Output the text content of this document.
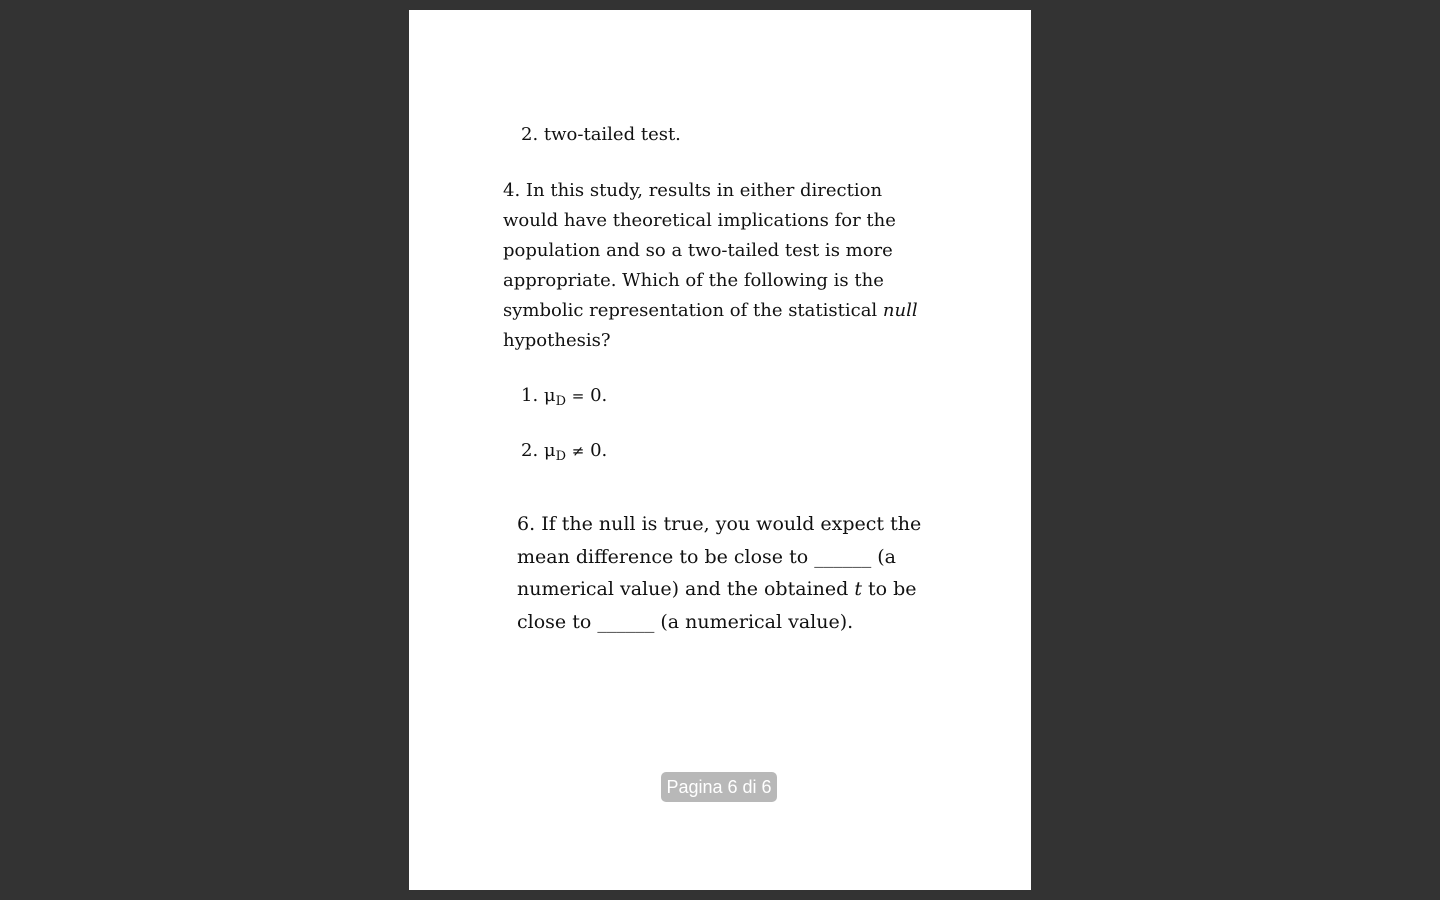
2. two-tailed test.

4. In this study, results in either direction would have theoretical implications for the population and so a two-tailed test is more appropriate. Which of the following is the symbolic representation of the statistical null
hypothesis?

1. $\mu_D = 0$.
2. $\mu_D \ne 0$.

6. If the null is true, you would expect the mean difference to be close to ______ (a numerical value) and the obtained t to be close to ______ (a numerical value).

Pagina 6 di 6
